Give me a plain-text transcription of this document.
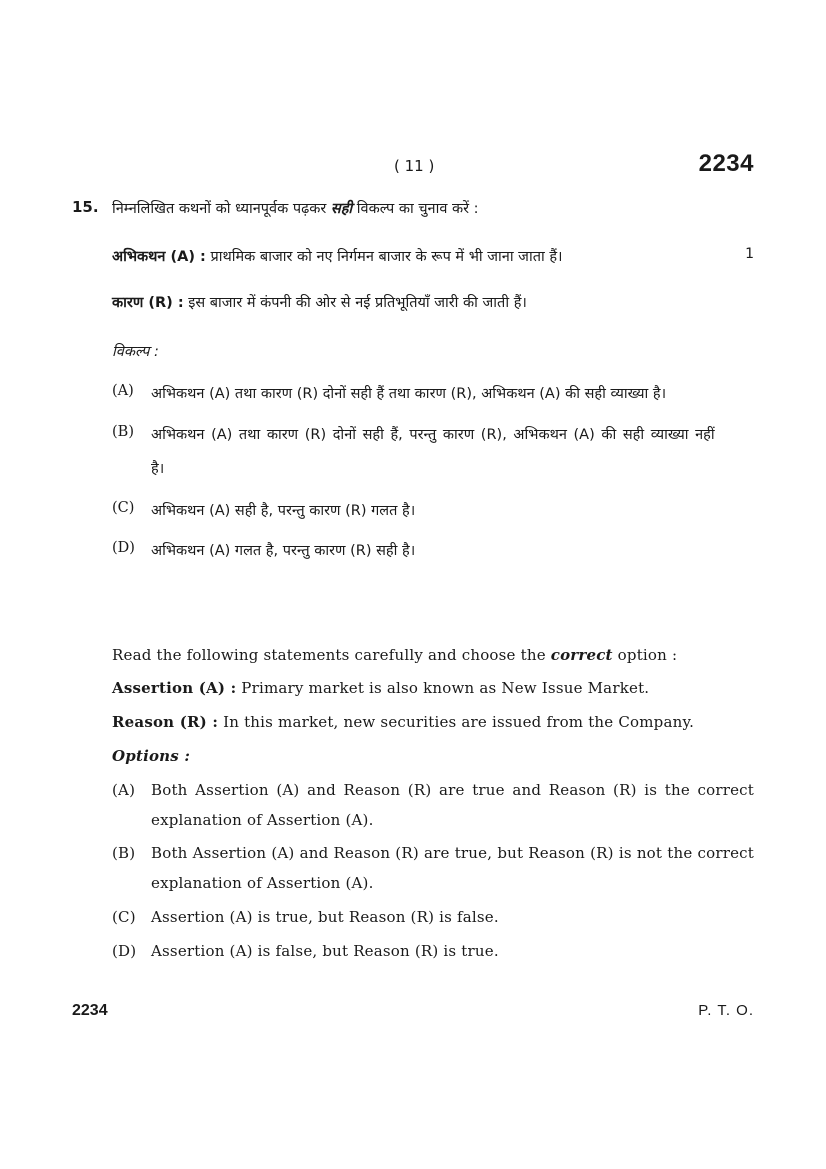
( 11 )	2234
15. निम्नलिखित कथनों को ध्यानपूर्वक पढ़कर सही विकल्प का चुनाव करें :
अभिकथन (A) : प्राथमिक बाजार को नए निर्गमन बाजार के रूप में भी जाना जाता हैं।	1
कारण (R) : इस बाजार में कंपनी की ओर से नई प्रतिभूतियाँ जारी की जाती हैं।
विकल्प :
(A) अभिकथन (A) तथा कारण (R) दोनों सही हैं तथा कारण (R), अभिकथन (A) की सही व्याख्या है।
(B) अभिकथन (A) तथा कारण (R) दोनों सही हैं, परन्तु कारण (R), अभिकथन (A) की सही व्याख्या नहीं
है।
(C) अभिकथन (A) सही है, परन्तु कारण (R) गलत है।
(D) अभिकथन (A) गलत है, परन्तु कारण (R) सही है।
Read the following statements carefully and choose the correct option :
Assertion (A) : Primary market is also known as New Issue Market.
Reason (R) : In this market, new securities are issued from the Company.
Options :
(A) Both Assertion (A) and Reason (R) are true and Reason (R) is the correct explanation of Assertion (A).
(B) Both Assertion (A) and Reason (R) are true, but Reason (R) is not the correct explanation of Assertion (A).
(C) Assertion (A) is true, but Reason (R) is false.
(D) Assertion (A) is false, but Reason (R) is true.
2234	P. T. O.
